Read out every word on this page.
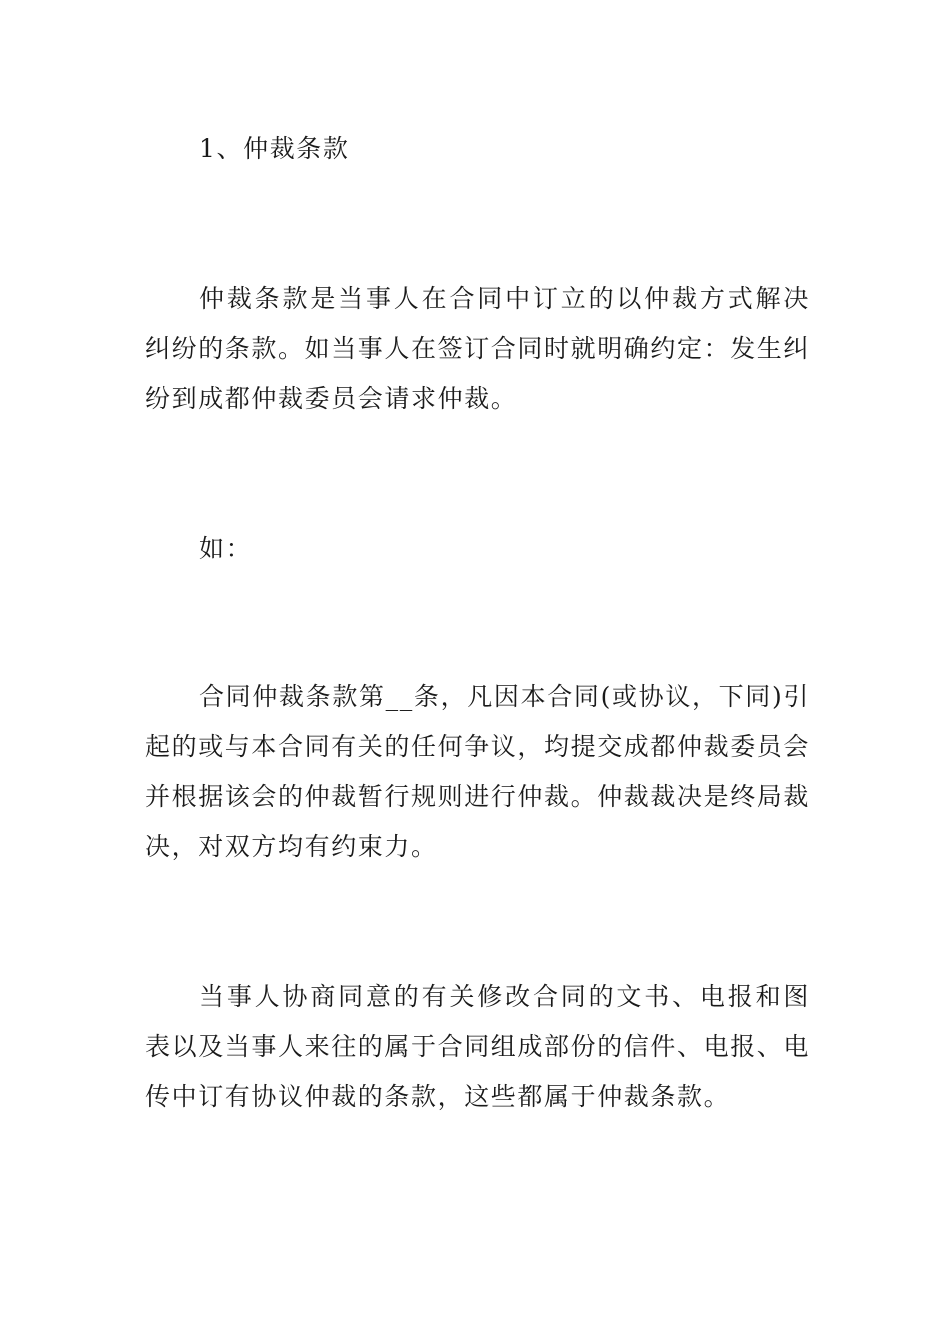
1、仲裁条款

仲裁条款是当事人在合同中订立的以仲裁方式解决纠纷的条款。如当事人在签订合同时就明确约定：发生纠纷到成都仲裁委员会请求仲裁。

如：

合同仲裁条款第__条，凡因本合同(或协议，下同)引起的或与本合同有关的任何争议，均提交成都仲裁委员会并根据该会的仲裁暂行规则进行仲裁。仲裁裁决是终局裁决，对双方均有约束力。

当事人协商同意的有关修改合同的文书、电报和图表以及当事人来往的属于合同组成部份的信件、电报、电传中订有协议仲裁的条款，这些都属于仲裁条款。
